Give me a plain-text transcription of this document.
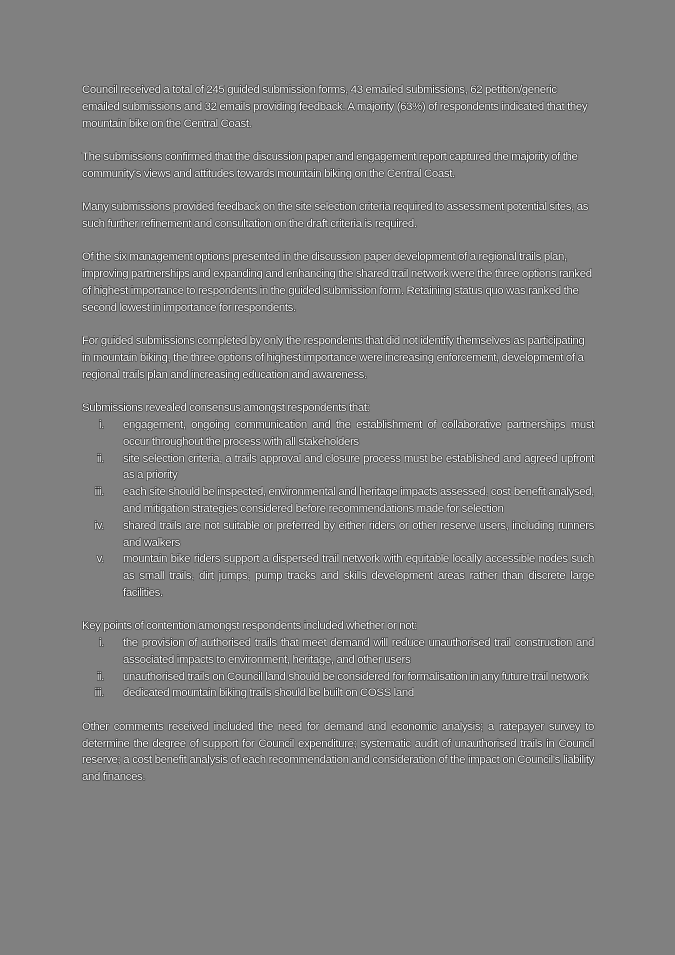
Council received a total of 245 guided submission forms, 43 emailed submissions, 62 petition/generic emailed submissions and 32 emails providing feedback. A majority (63%) of respondents indicated that they mountain bike on the Central Coast.

The submissions confirmed that the discussion paper and engagement report captured the majority of the community's views and attitudes towards mountain biking on the Central Coast.

Many submissions provided feedback on the site selection criteria required to assessment potential sites, as such further refinement and consultation on the draft criteria is required.

Of the six management options presented in the discussion paper development of a regional trails plan, improving partnerships and expanding and enhancing the shared trail network were the three options ranked of highest importance to respondents in the guided submission form. Retaining status quo was ranked the second lowest in importance for respondents.

For guided submissions completed by only the respondents that did not identify themselves as participating in mountain biking, the three options of highest importance were increasing enforcement, development of a regional trails plan and increasing education and awareness.

Submissions revealed consensus amongst respondents that:

i. engagement, ongoing communication and the establishment of collaborative partnerships must occur throughout the process with all stakeholders
ii. site selection criteria, a trails approval and closure process must be established and agreed upfront as a priority
iii. each site should be inspected, environmental and heritage impacts assessed, cost-benefit analysed, and mitigation strategies considered before recommendations made for selection
iv. shared trails are not suitable or preferred by either riders or other reserve users, including runners and walkers
v. mountain bike riders support a dispersed trail network with equitable locally accessible nodes such as small trails, dirt jumps, pump tracks and skills development areas rather than discrete large facilities.

Key points of contention amongst respondents included whether or not:

i. the provision of authorised trails that meet demand will reduce unauthorised trail construction and associated impacts to environment, heritage, and other users
ii. unauthorised trails on Council land should be considered for formalisation in any future trail network
iii. dedicated mountain biking trails should be built on COSS land

Other comments received included the need for demand and economic analysis; a ratepayer survey to determine the degree of support for Council expenditure; systematic audit of unauthorised trails in Council reserve; a cost benefit analysis of each recommendation and consideration of the impact on Council's liability and finances.
